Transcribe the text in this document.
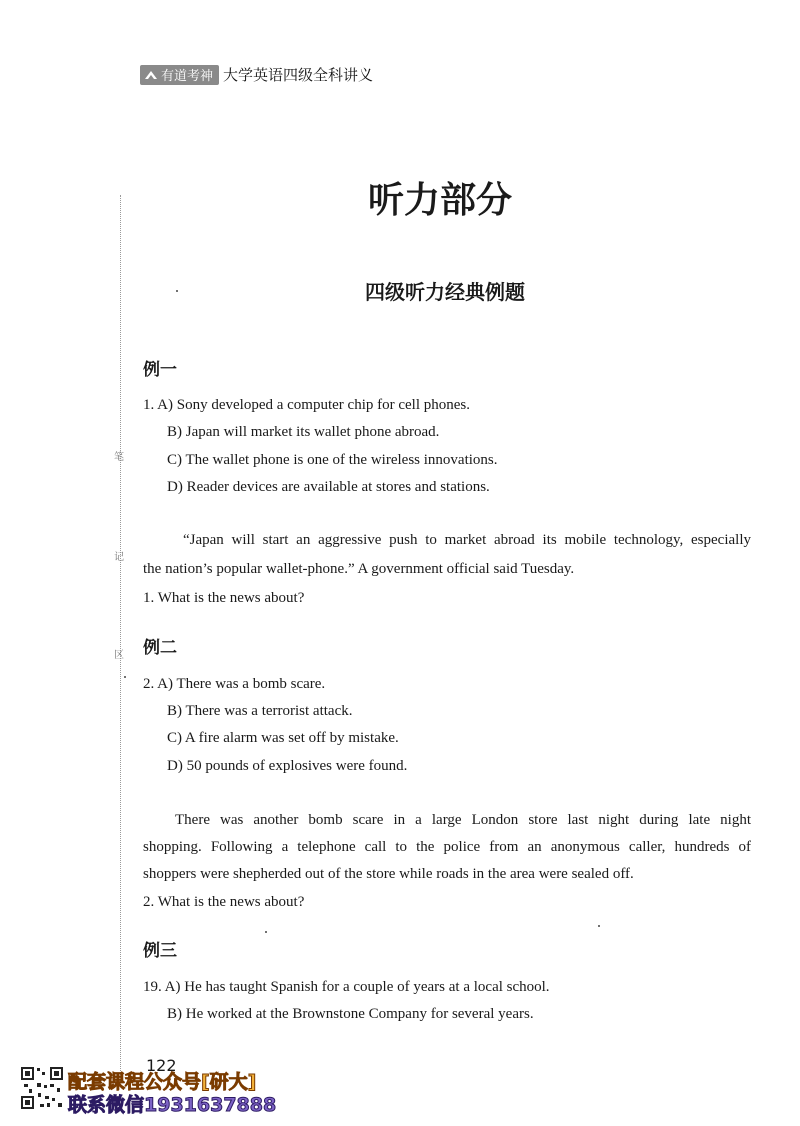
有道考神 大学英语四级全科讲义
笔
记
区
听力部分
四级听力经典例题
例一
1. A) Sony developed a computer chip for cell phones.
B) Japan will market its wallet phone abroad.
C) The wallet phone is one of the wireless innovations.
D) Reader devices are available at stores and stations.
“Japan will start an aggressive push to market abroad its mobile technology, especially
the nation’s popular wallet-phone.” A government official said Tuesday.
1. What is the news about?
例二
2. A) There was a bomb scare.
B) There was a terrorist attack.
C) A fire alarm was set off by mistake.
D) 50 pounds of explosives were found.
There was another bomb scare in a large London store last night during late night
shopping. Following a telephone call to the police from an anonymous caller, hundreds of
shoppers were shepherded out of the store while roads in the area were sealed off.
2. What is the news about?
例三
19. A) He has taught Spanish for a couple of years at a local school.
B) He worked at the Brownstone Company for several years.
122
配套课程公众号[研大]
联系微信1931637888
